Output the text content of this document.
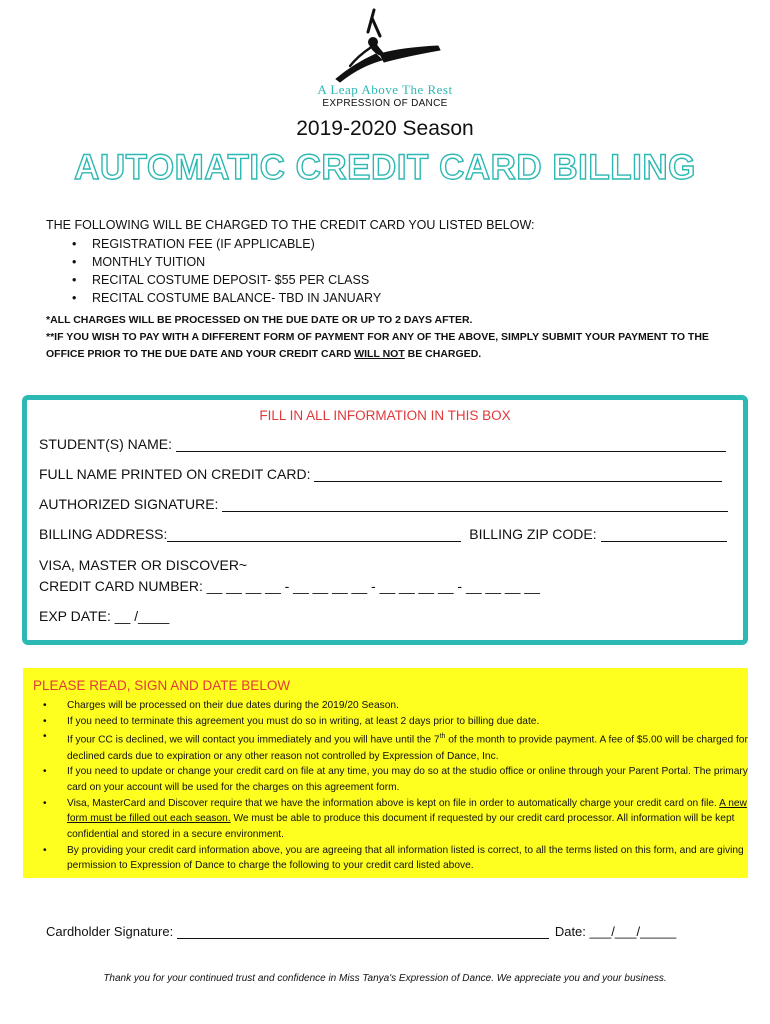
A Leap Above The Rest
EXPRESSION OF DANCE
2019-2020 Season
AUTOMATIC CREDIT CARD BILLING

THE FOLLOWING WILL BE CHARGED TO THE CREDIT CARD YOU LISTED BELOW:

• REGISTRATION FEE (IF APPLICABLE)
• MONTHLY TUITION
• RECITAL COSTUME DEPOSIT- $55 PER CLASS
• RECITAL COSTUME BALANCE- TBD IN JANUARY

*ALL CHARGES WILL BE PROCESSED ON THE DUE DATE OR UP TO 2 DAYS AFTER.

**IF YOU WISH TO PAY WITH A DIFFERENT FORM OF PAYMENT FOR ANY OF THE ABOVE, SIMPLY SUBMIT YOUR PAYMENT TO THE OFFICE PRIOR TO THE DUE DATE AND YOUR CREDIT CARD WILL NOT BE CHARGED.

FILL IN ALL INFORMATION IN THIS BOX
STUDENT(S) NAME:
FULL NAME PRINTED ON CREDIT CARD:
AUTHORIZED SIGNATURE:
BILLING ADDRESS:	BILLING ZIP CODE:
VISA, MASTER OR DISCOVER~
CREDIT CARD NUMBER: __ __ __ __ - __ __ __ __ - __ __ __ __ - __ __ __ __
EXP DATE: __ /____
PLEASE READ, SIGN AND DATE BELOW
• Charges will be processed on their due dates during the 2019/20 Season.
• If you need to terminate this agreement you must do so in writing, at least 2 days prior to billing due date.
• If your CC is declined, we will contact you immediately and you will have until the 7th of the month to provide payment. A fee of $5.00 will be charged for declined cards due to expiration or any other reason not controlled by Expression of Dance, Inc.
• If you need to update or change your credit card on file at any time, you may do so at the studio office or online through your Parent Portal. The primary card on your account will be used for the charges on this agreement form.
• Visa, MasterCard and Discover require that we have the information above is kept on file in order to automatically charge your credit card on file. A new form must be filled out each season. We must be able to produce this document if requested by our credit card processor. All information will be kept confidential and stored in a secure environment.
• By providing your credit card information above, you are agreeing that all information listed is correct, to all the terms listed on this form, and are giving permission to Expression of Dance to charge the following to your credit card listed above.
Cardholder Signature:	Date: ___/___/_____
Thank you for your continued trust and confidence in Miss Tanya's Expression of Dance. We appreciate you and your business.
